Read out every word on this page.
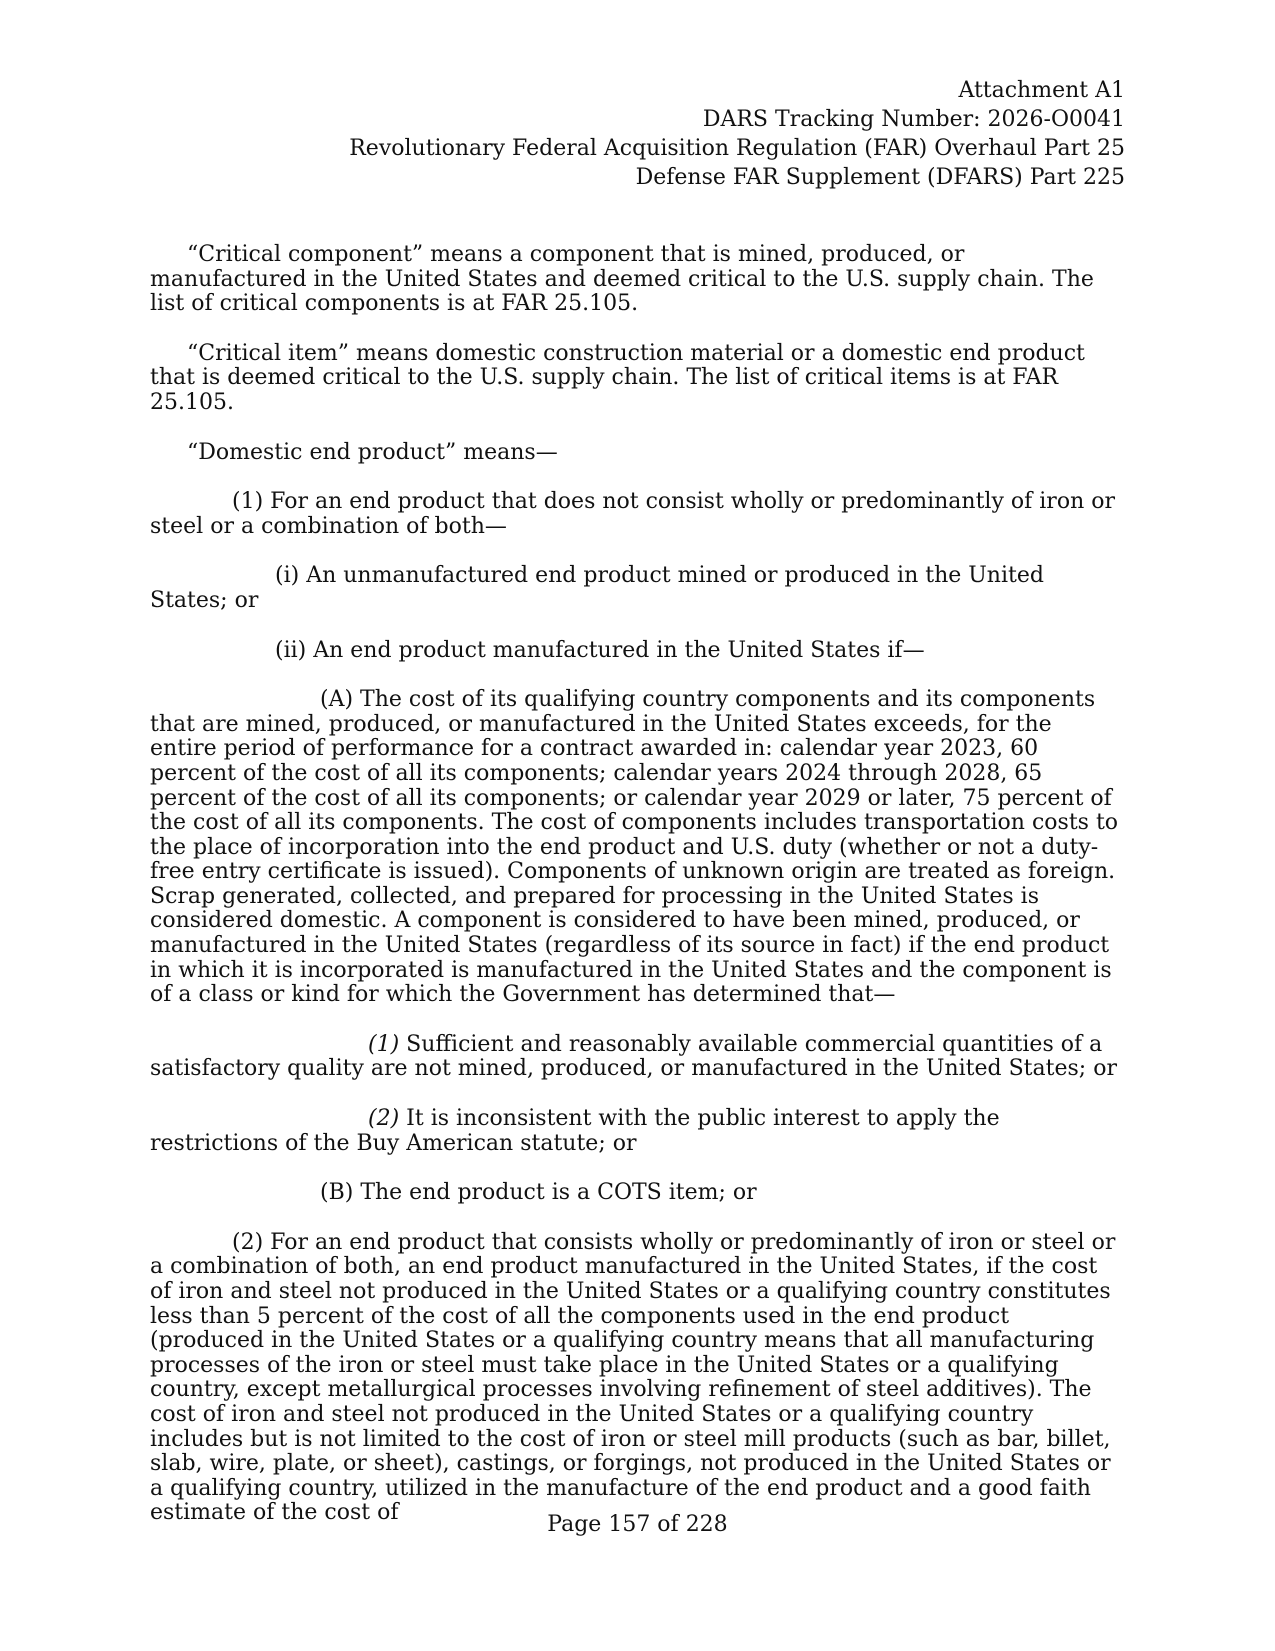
Attachment A1
DARS Tracking Number: 2026-O0041
Revolutionary Federal Acquisition Regulation (FAR) Overhaul Part 25
Defense FAR Supplement (DFARS) Part 225

“Critical component” means a component that is mined, produced, or manufactured in the United States and deemed critical to the U.S. supply chain. The list of critical components is at FAR 25.105.

“Critical item” means domestic construction material or a domestic end product that is deemed critical to the U.S. supply chain. The list of critical items is at FAR 25.105.

“Domestic end product” means—

(1) For an end product that does not consist wholly or predominantly of iron or steel or a combination of both—

(i) An unmanufactured end product mined or produced in the United States; or

(ii) An end product manufactured in the United States if—

(A) The cost of its qualifying country components and its components that are mined, produced, or manufactured in the United States exceeds, for the entire period of performance for a contract awarded in: calendar year 2023, 60 percent of the cost of all its components; calendar years 2024 through 2028, 65 percent of the cost of all its components; or calendar year 2029 or later, 75 percent of the cost of all its components. The cost of components includes transportation costs to the place of incorporation into the end product and U.S. duty (whether or not a duty-free entry certificate is issued). Components of unknown origin are treated as foreign. Scrap generated, collected, and prepared for processing in the United States is considered domestic. A component is considered to have been mined, produced, or manufactured in the United States (regardless of its source in fact) if the end product in which it is incorporated is manufactured in the United States and the component is of a class or kind for which the Government has determined that—

(1) Sufficient and reasonably available commercial quantities of a satisfactory quality are not mined, produced, or manufactured in the United States; or

(2) It is inconsistent with the public interest to apply the restrictions of the Buy American statute; or

(B) The end product is a COTS item; or

(2) For an end product that consists wholly or predominantly of iron or steel or a combination of both, an end product manufactured in the United States, if the cost of iron and steel not produced in the United States or a qualifying country constitutes less than 5 percent of the cost of all the components used in the end product (produced in the United States or a qualifying country means that all manufacturing processes of the iron or steel must take place in the United States or a qualifying country, except metallurgical processes involving refinement of steel additives). The cost of iron and steel not produced in the United States or a qualifying country includes but is not limited to the cost of iron or steel mill products (such as bar, billet, slab, wire, plate, or sheet), castings, or forgings, not produced in the United States or a qualifying country, utilized in the manufacture of the end product and a good faith estimate of the cost of	Page 157 of 228
